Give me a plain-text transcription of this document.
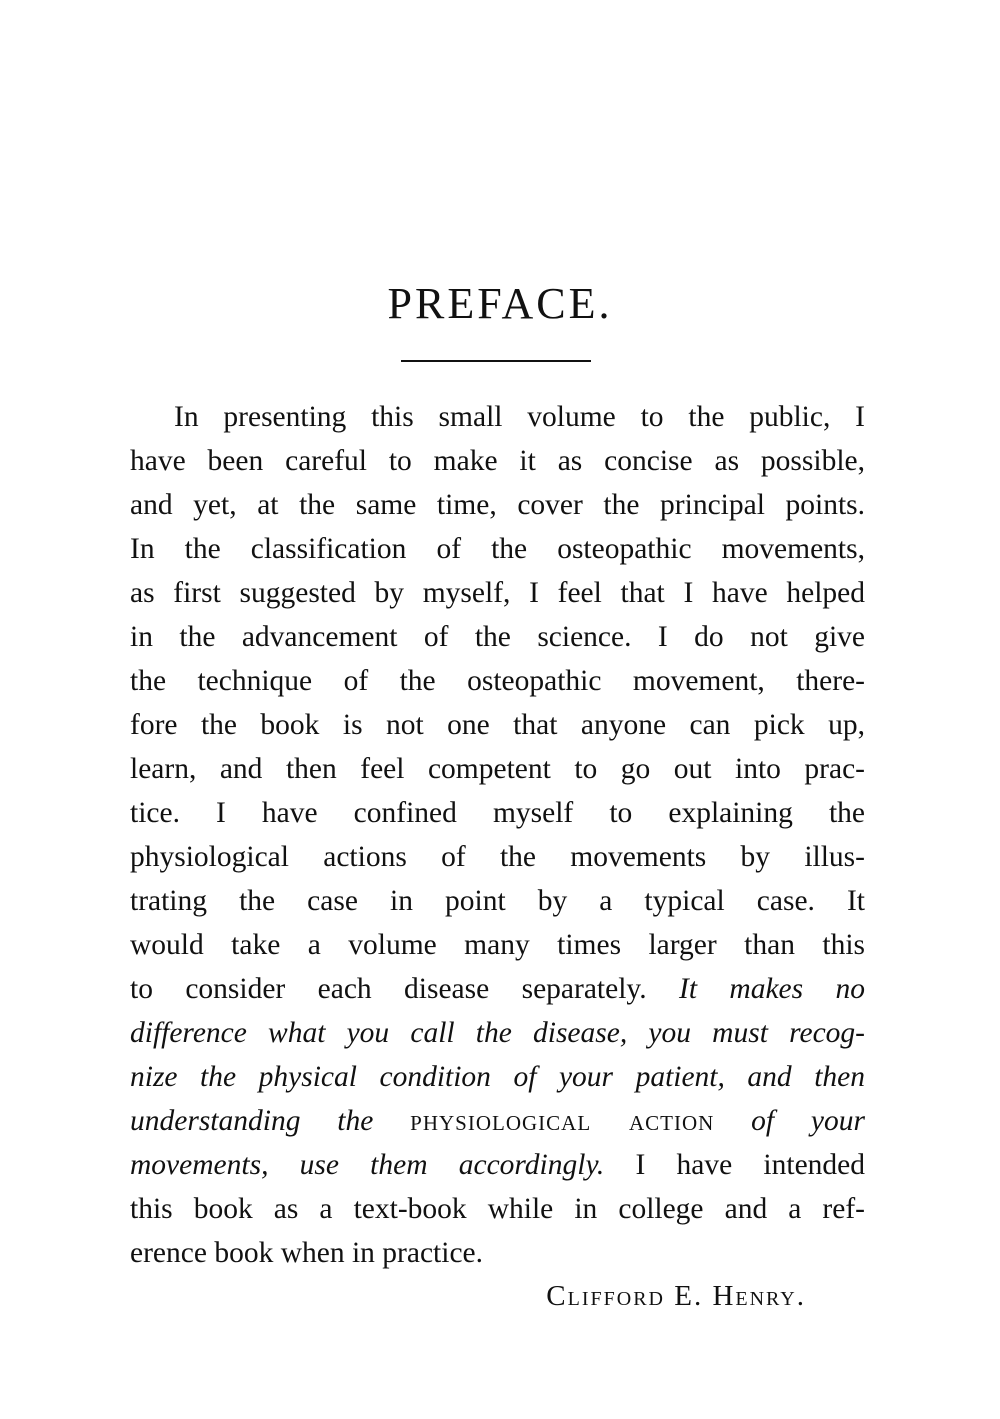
PREFACE.
In presenting this small volume to the public, I
have been careful to make it as concise as possible,
and yet, at the same time, cover the principal points.
In the classification of the osteopathic movements,
as first suggested by myself, I feel that I have helped
in the advancement of the science. I do not give
the technique of the osteopathic movement, there-
fore the book is not one that anyone can pick up,
learn, and then feel competent to go out into prac-
tice. I have confined myself to explaining the
physiological actions of the movements by illus-
trating the case in point by a typical case. It
would take a volume many times larger than this
to consider each disease separately. It makes no
difference what you call the disease, you must recog-
nize the physical condition of your patient, and then
understanding the physiological action of your
movements, use them accordingly. I have intended
this book as a text-book while in college and a ref-
erence book when in practice.
Clifford E. Henry.
